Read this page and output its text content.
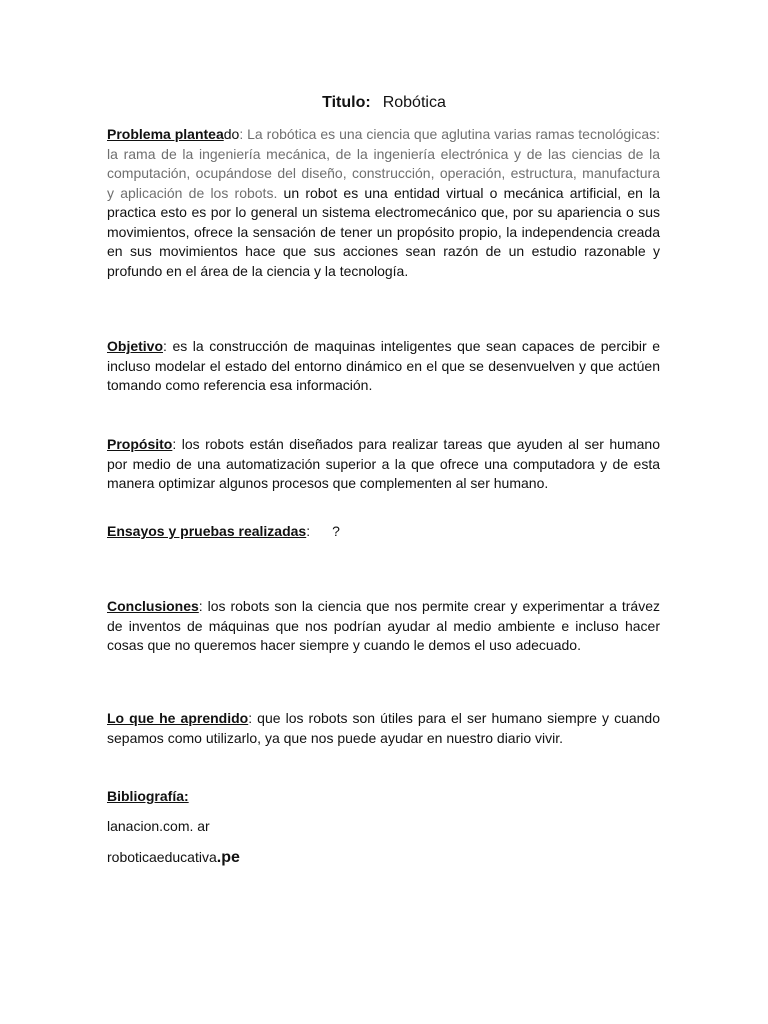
Titulo: Robótica

Problema planteado: La robótica es una ciencia que aglutina varias ramas tecnológicas: la rama de la ingeniería mecánica, de la ingeniería electrónica y de las ciencias de la computación, ocupándose del diseño, construcción, operación, estructura, manufactura y aplicación de los robots. un robot es una entidad virtual o mecánica artificial, en la practica esto es por lo general un sistema electromecánico que, por su apariencia o sus movimientos, ofrece la sensación de tener un propósito propio, la independencia creada en sus movimientos hace que sus acciones sean razón de un estudio razonable y profundo en el área de la ciencia y la tecnología.

Objetivo: es la construcción de maquinas inteligentes que sean capaces de percibir e incluso modelar el estado del entorno dinámico en el que se desenvuelven y que actúen tomando como referencia esa información.

Propósito: los robots están diseñados para realizar tareas que ayuden al ser humano por medio de una automatización superior a la que ofrece una computadora y de esta manera optimizar algunos procesos que complementen al ser humano.

Ensayos y pruebas realizadas: ?

Conclusiones: los robots son la ciencia que nos permite crear y experimentar a trávez de inventos de máquinas que nos podrían ayudar al medio ambiente e incluso hacer cosas que no queremos hacer siempre y cuando le demos el uso adecuado.

Lo que he aprendido: que los robots son útiles para el ser humano siempre y cuando sepamos como utilizarlo, ya que nos puede ayudar en nuestro diario vivir.

Bibliografía:

lanacion.com. ar

roboticaeducativa.pe
